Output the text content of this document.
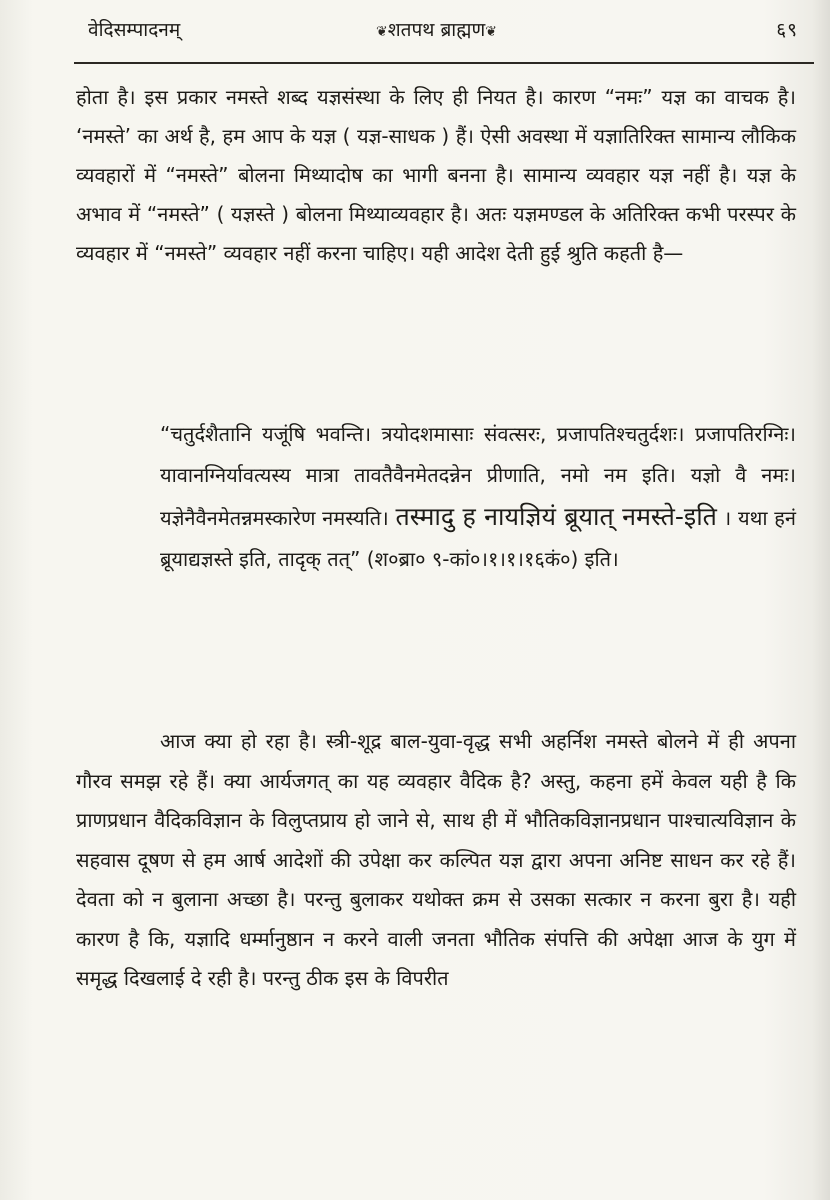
वेदिसम्पादनम्	❦शतपथ ब्राह्मण❦	६९

होता है। इस प्रकार नमस्ते शब्द यज्ञसंस्था के लिए ही नियत है। कारण “नमः” यज्ञ का वाचक है। ‘नमस्ते’ का अर्थ है, हम आप के यज्ञ ( यज्ञ-साधक ) हैं। ऐसी अवस्था में यज्ञातिरिक्त सामान्य लौकिक व्यवहारों में “नमस्ते” बोलना मिथ्यादोष का भागी बनना है। सामान्य व्यवहार यज्ञ नहीं है। यज्ञ के अभाव में “नमस्ते” ( यज्ञस्ते ) बोलना मिथ्याव्यवहार है। अतः यज्ञमण्डल के अतिरिक्त कभी परस्पर के व्यवहार में “नमस्ते” व्यवहार नहीं करना चाहिए। यही आदेश देती हुई श्रुति कहती है—

“चतुर्दशैतानि यजूंषि भवन्ति। त्रयोदशमासाः संवत्सरः, प्रजापतिश्चतुर्दशः। प्रजापतिरग्निः। यावानग्निर्यावत्यस्य मात्रा तावतैवैनमेतदन्नेन प्रीणाति, नमो नम इति। यज्ञो वै नमः। यज्ञेनैवैनमेतन्नमस्कारेण नमस्यति। तस्मादु ह नायज्ञियं ब्रूयात् नमस्ते-इति । यथा हनं ब्रूयाद्यज्ञस्ते इति, तादृक् तत्” (श०ब्रा० ९-कां०।१।१।१६कं०) इति।

आज क्या हो रहा है। स्त्री-शूद्र बाल-युवा-वृद्ध सभी अहर्निश नमस्ते बोलने में ही अपना गौरव समझ रहे हैं। क्या आर्यजगत् का यह व्यवहार वैदिक है? अस्तु, कहना हमें केवल यही है कि प्राणप्रधान वैदिकविज्ञान के विलुप्तप्राय हो जाने से, साथ ही में भौतिकविज्ञानप्रधान पाश्चात्यविज्ञान के सहवास दूषण से हम आर्ष आदेशों की उपेक्षा कर कल्पित यज्ञ द्वारा अपना अनिष्ट साधन कर रहे हैं। देवता को न बुलाना अच्छा है। परन्तु बुलाकर यथोक्त क्रम से उसका सत्कार न करना बुरा है। यही कारण है कि, यज्ञादि धर्म्मानुष्ठान न करने वाली जनता भौतिक संपत्ति की अपेक्षा आज के युग में समृद्ध दिखलाई दे रही है। परन्तु ठीक इस के विपरीत
